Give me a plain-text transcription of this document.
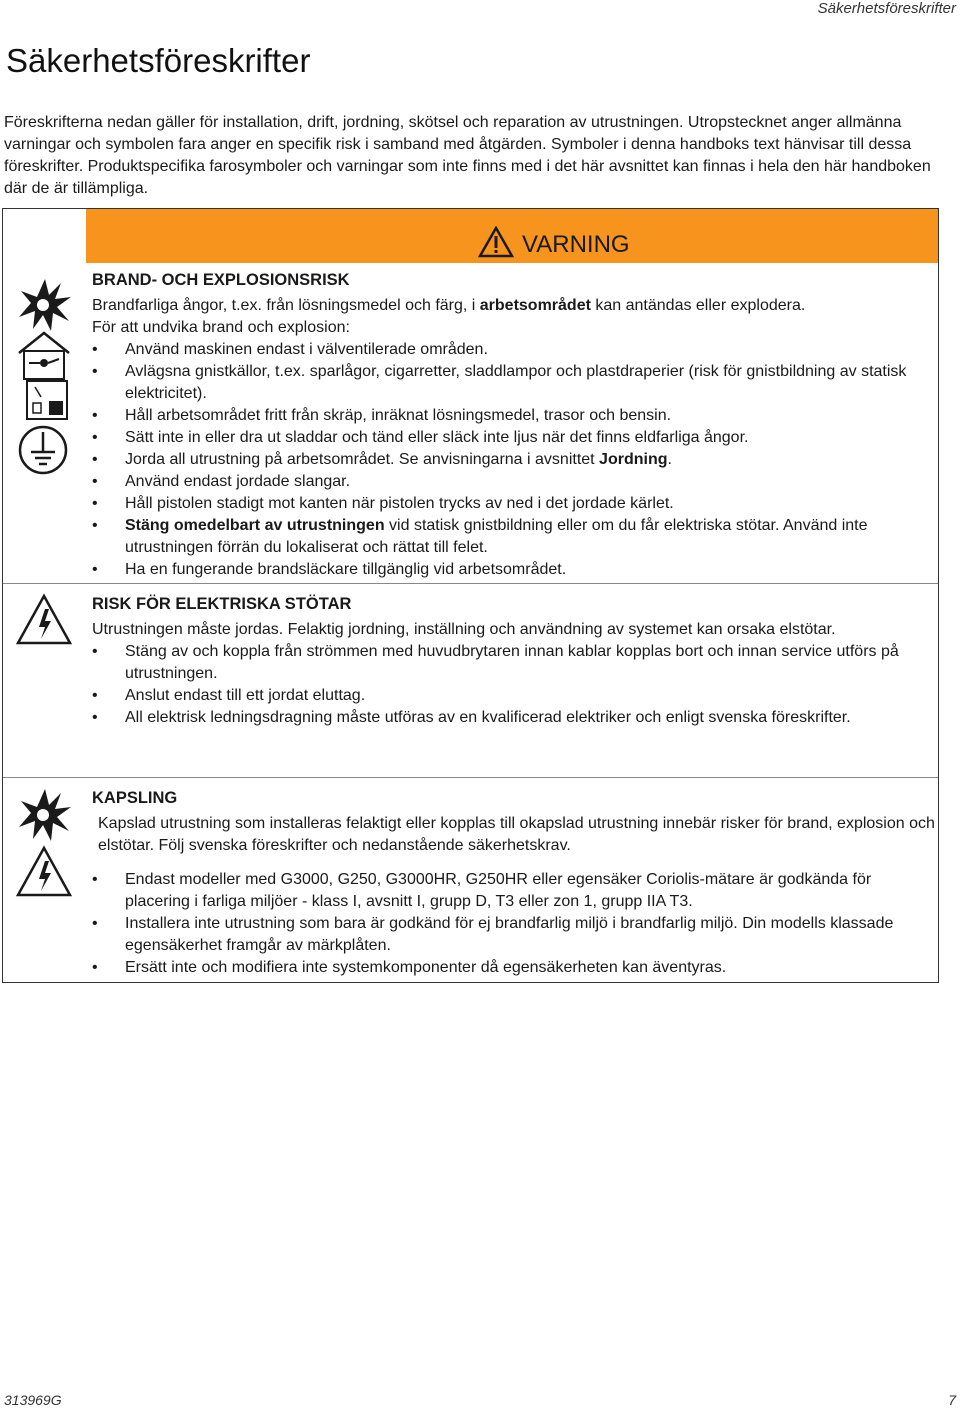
Säkerhetsföreskrifter
Säkerhetsföreskrifter

Föreskrifterna nedan gäller för installation, drift, jordning, skötsel och reparation av utrustningen. Utropstecknet anger allmänna varningar och symbolen fara anger en specifik risk i samband med åtgärden. Symboler i denna handboks text hänvisar till dessa föreskrifter. Produktspecifika farosymboler och varningar som inte finns med i det här avsnittet kan finnas i hela den här handboken där de är tillämpliga.

VARNING
BRAND- OCH EXPLOSIONSRISK

Brandfarliga ångor, t.ex. från lösningsmedel och färg, i arbetsområdet kan antändas eller explodera.

För att undvika brand och explosion:

• Använd maskinen endast i välventilerade områden.
• Avlägsna gnistkällor, t.ex. sparlågor, cigarretter, sladdlampor och plastdraperier (risk för gnistbildning av statisk elektricitet).
• Håll arbetsområdet fritt från skräp, inräknat lösningsmedel, trasor och bensin.
• Sätt inte in eller dra ut sladdar och tänd eller släck inte ljus när det finns eldfarliga ångor.
• Jorda all utrustning på arbetsområdet. Se anvisningarna i avsnittet Jordning.
• Använd endast jordade slangar.
• Håll pistolen stadigt mot kanten när pistolen trycks av ned i det jordade kärlet.
• Stäng omedelbart av utrustningen vid statisk gnistbildning eller om du får elektriska stötar. Använd inte utrustningen förrän du lokaliserat och rättat till felet.
• Ha en fungerande brandsläckare tillgänglig vid arbetsområdet.
RISK FÖR ELEKTRISKA STÖTAR

Utrustningen måste jordas. Felaktig jordning, inställning och användning av systemet kan orsaka elstötar.

• Stäng av och koppla från strömmen med huvudbrytaren innan kablar kopplas bort och innan service utförs på utrustningen.
• Anslut endast till ett jordat eluttag.
• All elektrisk ledningsdragning måste utföras av en kvalificerad elektriker och enligt svenska föreskrifter.
KAPSLING

Kapslad utrustning som installeras felaktigt eller kopplas till okapslad utrustning innebär risker för brand, explosion och elstötar. Följ svenska föreskrifter och nedanstående säkerhetskrav.

• Endast modeller med G3000, G250, G3000HR, G250HR eller egensäker Coriolis-mätare är godkända för placering i farliga miljöer - klass I, avsnitt I, grupp D, T3 eller zon 1, grupp IIA T3.
• Installera inte utrustning som bara är godkänd för ej brandfarlig miljö i brandfarlig miljö. Din modells klassade egensäkerhet framgår av märkplåten.
• Ersätt inte och modifiera inte systemkomponenter då egensäkerheten kan äventyras.
313969G	7
